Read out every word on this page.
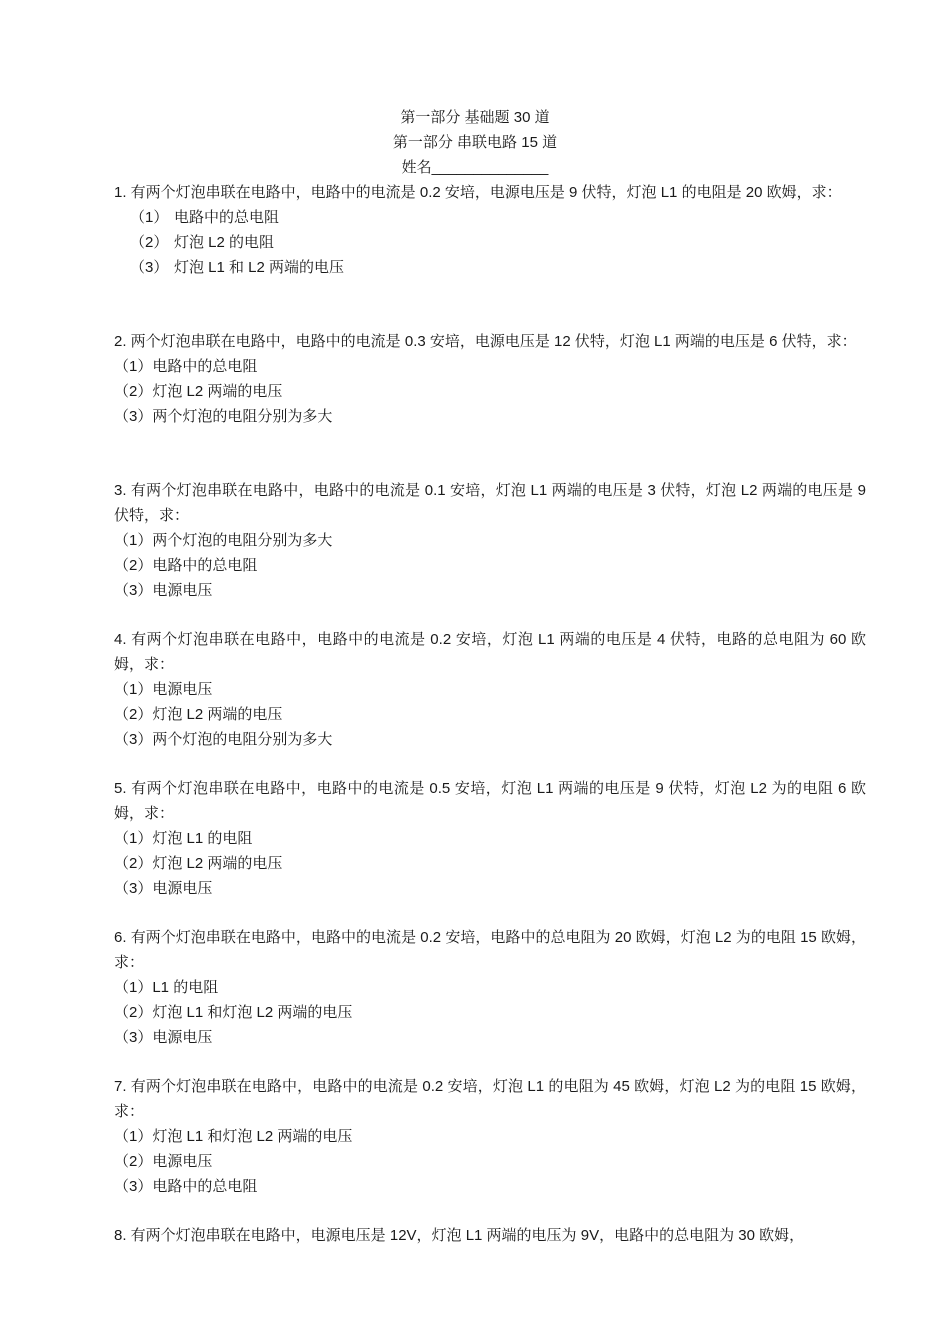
第一部分 基础题 30 道
第一部分 串联电路 15 道
姓名______________

1. 有两个灯泡串联在电路中，电路中的电流是 0.2 安培，电源电压是 9 伏特，灯泡 L1 的电阻是 20 欧姆，求：

（1） 电路中的总电阻
（2） 灯泡 L2 的电阻
（3） 灯泡 L1 和 L2 两端的电压

2. 两个灯泡串联在电路中，电路中的电流是 0.3 安培，电源电压是 12 伏特，灯泡 L1 两端的电压是 6 伏特，求：

（1）电路中的总电阻
（2）灯泡 L2 两端的电压
（3）两个灯泡的电阻分别为多大

3. 有两个灯泡串联在电路中，电路中的电流是 0.1 安培，灯泡 L1 两端的电压是 3 伏特，灯泡 L2 两端的电压是 9 伏特，求：

（1）两个灯泡的电阻分别为多大
（2）电路中的总电阻
（3）电源电压

4. 有两个灯泡串联在电路中，电路中的电流是 0.2 安培，灯泡 L1 两端的电压是 4 伏特，电路的总电阻为 60 欧姆，求：

（1）电源电压
（2）灯泡 L2 两端的电压
（3）两个灯泡的电阻分别为多大

5. 有两个灯泡串联在电路中，电路中的电流是 0.5 安培，灯泡 L1 两端的电压是 9 伏特，灯泡 L2 为的电阻 6 欧姆，求：

（1）灯泡 L1 的电阻
（2）灯泡 L2 两端的电压
（3）电源电压

6. 有两个灯泡串联在电路中，电路中的电流是 0.2 安培，电路中的总电阻为 20 欧姆，灯泡 L2 为的电阻 15 欧姆，求：

（1）L1 的电阻
（2）灯泡 L1 和灯泡 L2 两端的电压
（3）电源电压

7. 有两个灯泡串联在电路中，电路中的电流是 0.2 安培，灯泡 L1 的电阻为 45 欧姆，灯泡 L2 为的电阻 15 欧姆，求：

（1）灯泡 L1 和灯泡 L2 两端的电压
（2）电源电压
（3）电路中的总电阻

8. 有两个灯泡串联在电路中，电源电压是 12V，灯泡 L1 两端的电压为 9V，电路中的总电阻为 30 欧姆，
